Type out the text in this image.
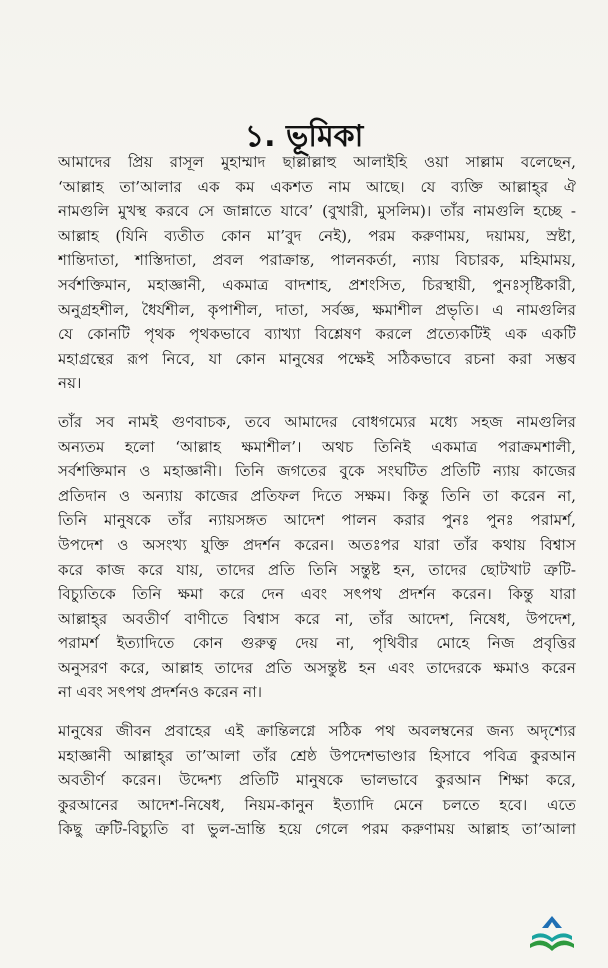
১. ভূমিকা
আমাদের প্রিয় রাসূল মুহাম্মাদ ছাল্লাল্লাহু আলাইহি ওয়া সাল্লাম বলেছেন,
‘আল্লাহ তা’আলার এক কম একশত নাম আছে। যে ব্যক্তি আল্লাহ্‌র ঐ
নামগুলি মুখস্থ করবে সে জান্নাতে যাবে’ (বুখারী, মুসলিম)। তাঁর নামগুলি হচ্ছে -
আল্লাহ (যিনি ব্যতীত কোন মা’বুদ নেই), পরম করুণাময়, দয়াময়, স্রষ্টা,
শান্তিদাতা, শাস্তিদাতা, প্রবল পরাক্রান্ত, পালনকর্তা, ন্যায় বিচারক, মহিমাময়,
সর্বশক্তিমান, মহাজ্ঞানী, একমাত্র বাদশাহ, প্রশংসিত, চিরস্থায়ী, পুনঃসৃষ্টিকারী,
অনুগ্রহশীল, ধৈর্যশীল, কৃপাশীল, দাতা, সর্বজ্ঞ, ক্ষমাশীল প্রভৃতি। এ নামগুলির
যে কোনটি পৃথক পৃথকভাবে ব্যাখ্যা বিশ্লেষণ করলে প্রত্যেকটিই এক একটি
মহাগ্রন্থের রূপ নিবে, যা কোন মানুষের পক্ষেই সঠিকভাবে রচনা করা সম্ভব
নয়।
তাঁর সব নামই গুণবাচক, তবে আমাদের বোধগম্যের মধ্যে সহজ নামগুলির
অন্যতম হলো ‘আল্লাহ ক্ষমাশীল’। অথচ তিনিই একমাত্র পরাক্রমশালী,
সর্বশক্তিমান ও মহাজ্ঞানী। তিনি জগতের বুকে সংঘটিত প্রতিটি ন্যায় কাজের
প্রতিদান ও অন্যায় কাজের প্রতিফল দিতে সক্ষম। কিন্তু তিনি তা করেন না,
তিনি মানুষকে তাঁর ন্যায়সঙ্গত আদেশ পালন করার পুনঃ পুনঃ পরামর্শ,
উপদেশ ও অসংখ্য যুক্তি প্রদর্শন করেন। অতঃপর যারা তাঁর কথায় বিশ্বাস
করে কাজ করে যায়, তাদের প্রতি তিনি সন্তুষ্ট হন, তাদের ছোটখাট ত্রুটি-
বিচ্যুতিকে তিনি ক্ষমা করে দেন এবং সৎপথ প্রদর্শন করেন। কিন্তু যারা
আল্লাহ্‌র অবতীর্ণ বাণীতে বিশ্বাস করে না, তাঁর আদেশ, নিষেধ, উপদেশ,
পরামর্শ ইত্যাদিতে কোন গুরুত্ব দেয় না, পৃথিবীর মোহে নিজ প্রবৃত্তির
অনুসরণ করে, আল্লাহ তাদের প্রতি অসন্তুষ্ট হন এবং তাদেরকে ক্ষমাও করেন
না এবং সৎপথ প্রদর্শনও করেন না।
মানুষের জীবন প্রবাহের এই ক্রান্তিলগ্নে সঠিক পথ অবলম্বনের জন্য অদৃশ্যের
মহাজ্ঞানী আল্লাহ্‌র তা’আলা তাঁর শ্রেষ্ঠ উপদেশভাণ্ডার হিসাবে পবিত্র কুরআন
অবতীর্ণ করেন। উদ্দেশ্য প্রতিটি মানুষকে ভালভাবে কুরআন শিক্ষা করে,
কুরআনের আদেশ-নিষেধ, নিয়ম-কানুন ইত্যাদি মেনে চলতে হবে। এতে
কিছু ত্রুটি-বিচ্যুতি বা ভুল-ভ্রান্তি হয়ে গেলে পরম করুণাময় আল্লাহ তা’আলা
